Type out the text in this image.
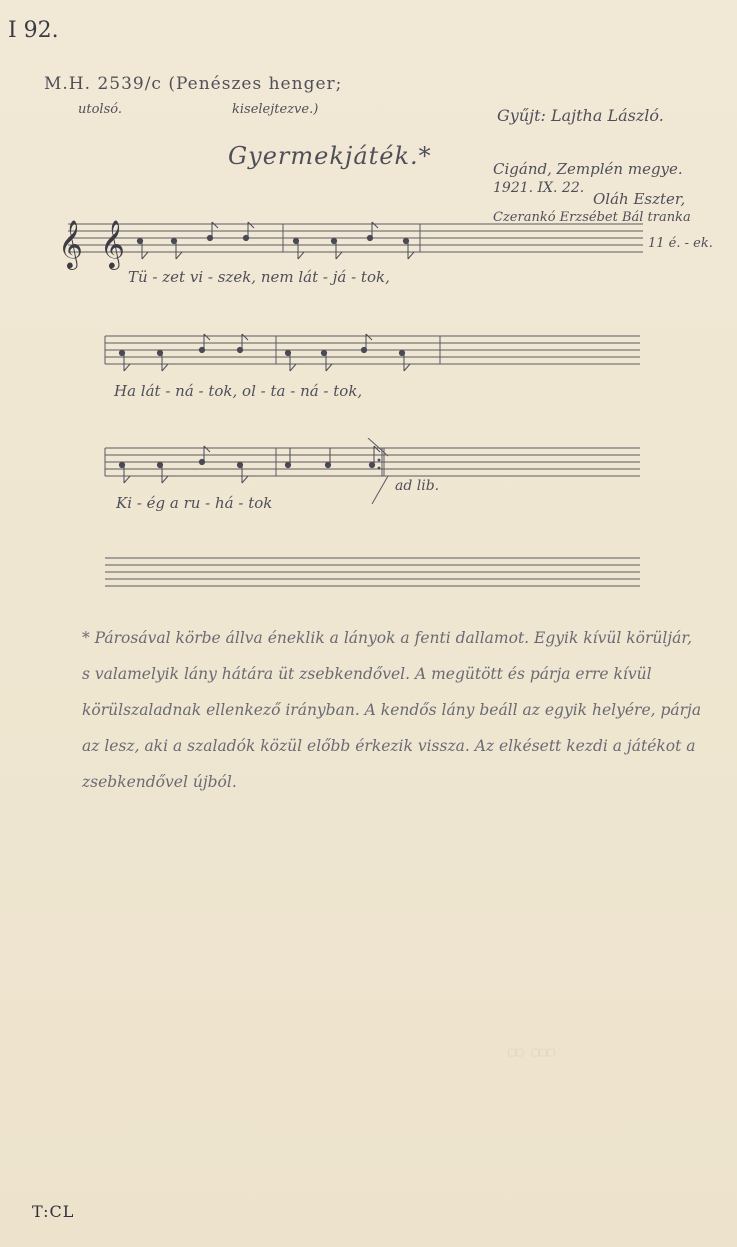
I 92.
M.H. 2539/c (Penészes henger;
utolsó.	kiselejtezve.)
Gyermekjáték.*
Gyűjt: Lajtha László.
Cigánd, Zemplén megye.
1921. IX. 22.
Oláh Eszter,
Czerankó Erzsébet Bál tranka
11 é. - ek.
𝄞 𝄞
Tü - zet vi - szek, nem lát - já - tok,
Ha lát - ná - tok, ol - ta - ná - tok,
Ki - ég a ru - há - tok
ad lib.

* Párosával körbe állva éneklik a lányok a fenti dallamot. Egyik kívül körüljár, s valamelyik lány hátára üt zsebkendővel. A megütött és párja erre kívül körülszaladnak ellenkező irányban. A kendős lány beáll az egyik helyére, párja az lesz, aki a szaladók közül előbb érkezik vissza. Az elkésett kezdi a játékot a zsebkendővel újból.

▢▢ ▢▢▢
T:CL
